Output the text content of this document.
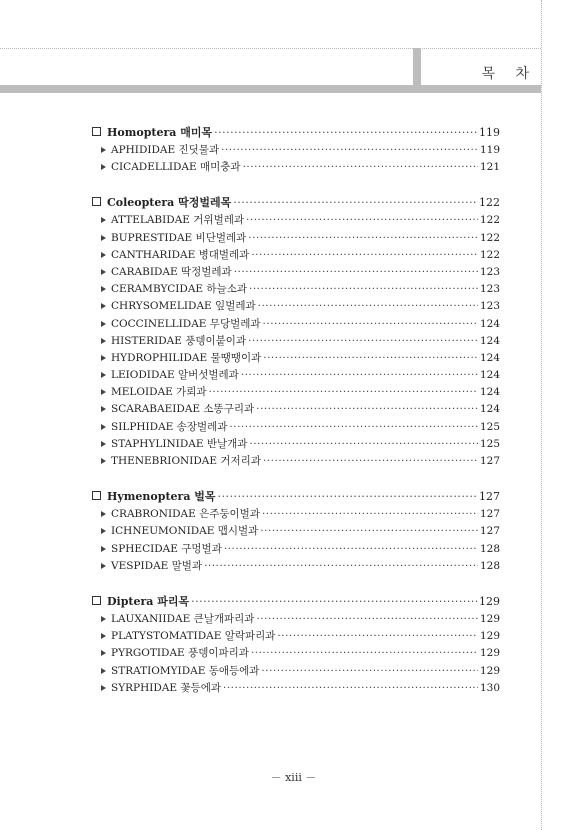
목 차
Homoptera 매미목 ·····	119
APHIDIDAE 진딧물과 ·····	119
CICADELLIDAE 매미충과 ·····	121
Coleoptera 딱정벌레목 ·····	122
ATTELABIDAE 거위벌레과 ·····	122
BUPRESTIDAE 비단벌레과 ·····	122
CANTHARIDAE 병대벌레과 ·····	122
CARABIDAE 딱정벌레과 ·····	123
CERAMBYCIDAE 하늘소과 ·····	123
CHRYSOMELIDAE 잎벌레과 ·····	123
COCCINELLIDAE 무당벌레과 ·····	124
HISTERIDAE 풍뎅이붙이과 ·····	124
HYDROPHILIDAE 물땡땡이과 ·····	124
LEIODIDAE 알버섯벌레과 ·····	124
MELOIDAE 가뢰과 ·····	124
SCARABAEIDAE 소똥구리과 ·····	124
SILPHIDAE 송장벌레과 ·····	125
STAPHYLINIDAE 반날개과 ·····	125
THENEBRIONIDAE 거저리과 ·····	127
Hymenoptera 벌목 ·····	127
CRABRONIDAE 은주둥이벌과 ·····	127
ICHNEUMONIDAE 맵시벌과 ·····	127
SPHECIDAE 구멍벌과 ·····	128
VESPIDAE 말벌과 ·····	128
Diptera 파리목 ·····	129
LAUXANIIDAE 큰날개파리과 ·····	129
PLATYSTOMATIDAE 알락파리과 ·····	129
PYRGOTIDAE 풍뎅이파리과 ·····	129
STRATIOMYIDAE 동애등에과 ·····	129
SYRPHIDAE 꽃등에과 ·····	130
－ xiii －
